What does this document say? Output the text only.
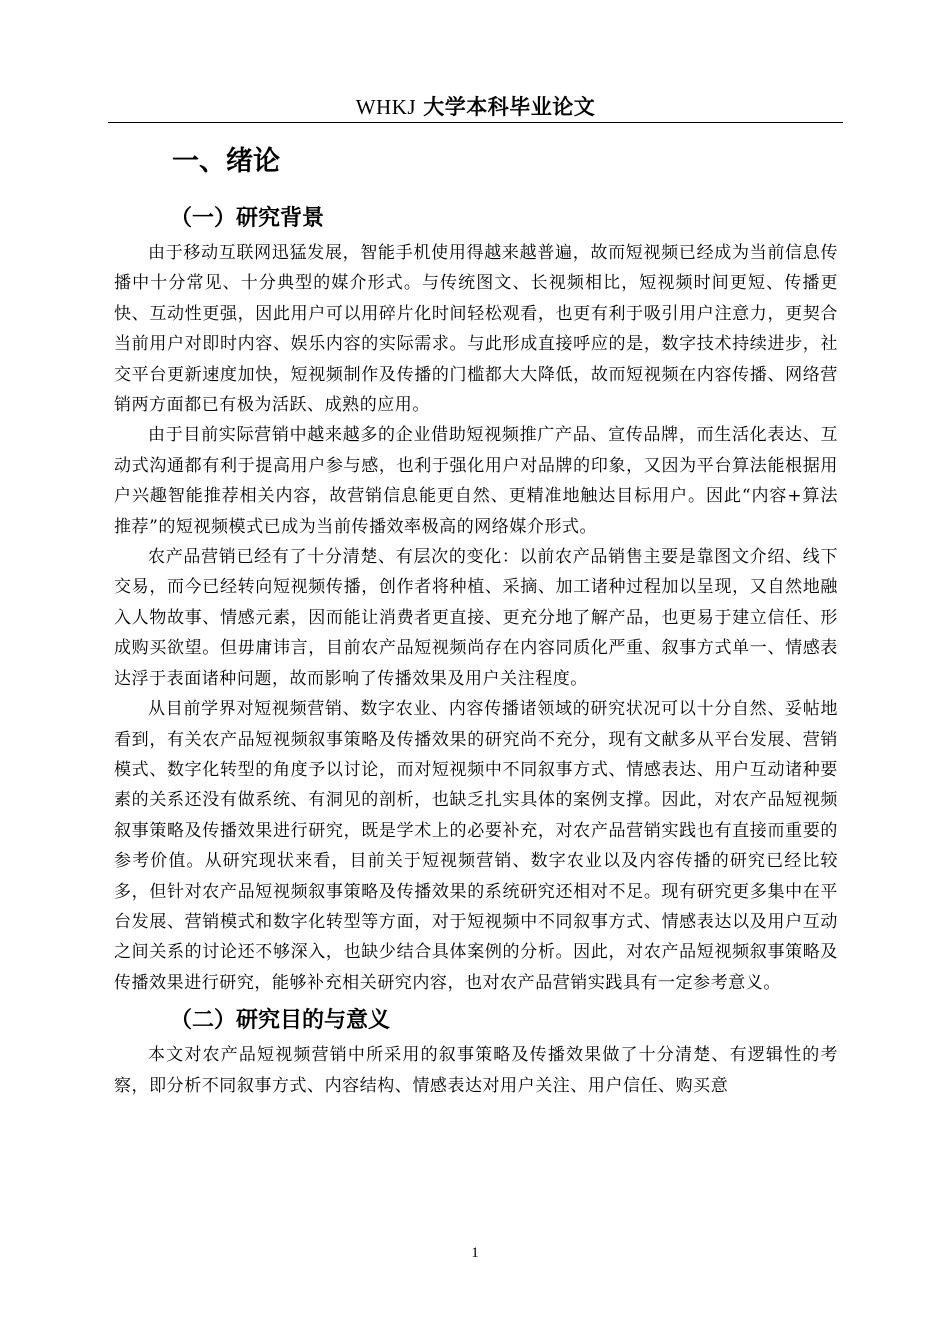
WHKJ 大学本科毕业论文
一、绪论
（一）研究背景

由于移动互联网迅猛发展，智能手机使用得越来越普遍，故而短视频已经成为当前信息传播中十分常见、十分典型的媒介形式。与传统图文、长视频相比，短视频时间更短、传播更快、互动性更强，因此用户可以用碎片化时间轻松观看，也更有利于吸引用户注意力，更契合当前用户对即时内容、娱乐内容的实际需求。与此形成直接呼应的是，数字技术持续进步，社交平台更新速度加快，短视频制作及传播的门槛都大大降低，故而短视频在内容传播、网络营销两方面都已有极为活跃、成熟的应用。

由于目前实际营销中越来越多的企业借助短视频推广产品、宣传品牌，而生活化表达、互动式沟通都有利于提高用户参与感，也利于强化用户对品牌的印象，又因为平台算法能根据用户兴趣智能推荐相关内容，故营销信息能更自然、更精准地触达目标用户。因此“内容+算法推荐”的短视频模式已成为当前传播效率极高的网络媒介形式。

农产品营销已经有了十分清楚、有层次的变化：以前农产品销售主要是靠图文介绍、线下交易，而今已经转向短视频传播，创作者将种植、采摘、加工诸种过程加以呈现，又自然地融入人物故事、情感元素，因而能让消费者更直接、更充分地了解产品，也更易于建立信任、形成购买欲望。但毋庸讳言，目前农产品短视频尚存在内容同质化严重、叙事方式单一、情感表达浮于表面诸种问题，故而影响了传播效果及用户关注程度。

从目前学界对短视频营销、数字农业、内容传播诸领域的研究状况可以十分自然、妥帖地看到，有关农产品短视频叙事策略及传播效果的研究尚不充分，现有文献多从平台发展、营销模式、数字化转型的角度予以讨论，而对短视频中不同叙事方式、情感表达、用户互动诸种要素的关系还没有做系统、有洞见的剖析，也缺乏扎实具体的案例支撑。因此，对农产品短视频叙事策略及传播效果进行研究，既是学术上的必要补充，对农产品营销实践也有直接而重要的参考价值。从研究现状来看，目前关于短视频营销、数字农业以及内容传播的研究已经比较多，但针对农产品短视频叙事策略及传播效果的系统研究还相对不足。现有研究更多集中在平台发展、营销模式和数字化转型等方面，对于短视频中不同叙事方式、情感表达以及用户互动之间关系的讨论还不够深入，也缺少结合具体案例的分析。因此，对农产品短视频叙事策略及传播效果进行研究，能够补充相关研究内容，也对农产品营销实践具有一定参考意义。

（二）研究目的与意义

本文对农产品短视频营销中所采用的叙事策略及传播效果做了十分清楚、有逻辑性的考察，即分析不同叙事方式、内容结构、情感表达对用户关注、用户信任、购买意

1
